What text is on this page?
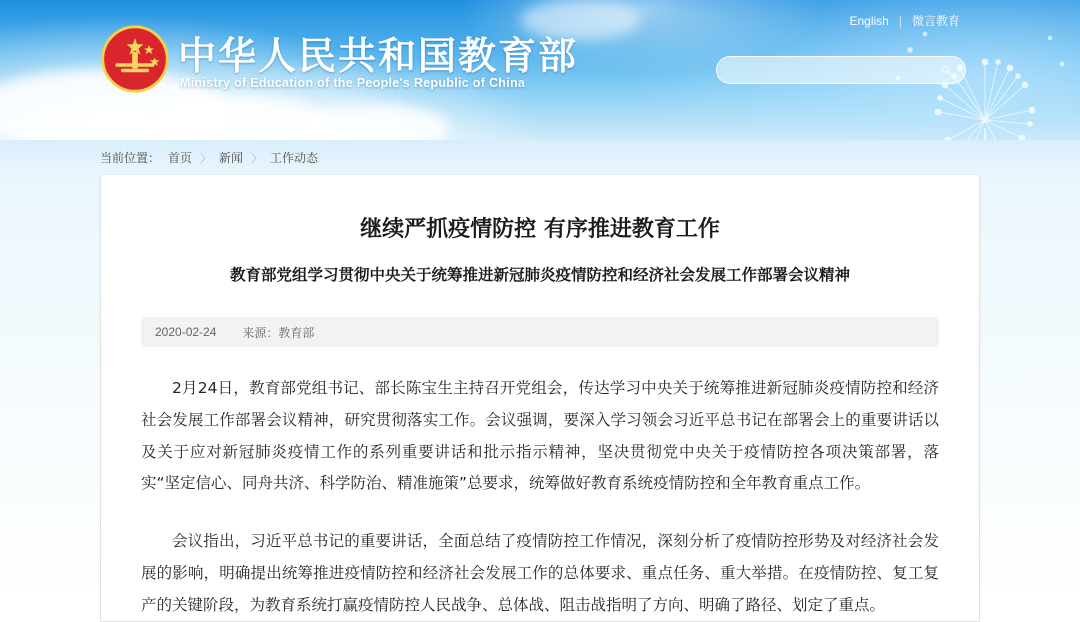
中华人民共和国教育部
Ministry of Education of the People's Republic of China
English | 微言教育
当前位置： 首页 〉 新闻 〉 工作动态
继续严抓疫情防控 有序推进教育工作
教育部党组学习贯彻中央关于统筹推进新冠肺炎疫情防控和经济社会发展工作部署会议精神
2020-02-24 来源：教育部

2月24日，教育部党组书记、部长陈宝生主持召开党组会，传达学习中央关于统筹推进新冠肺炎疫情防控和经济社会发展工作部署会议精神，研究贯彻落实工作。会议强调，要深入学习领会习近平总书记在部署会上的重要讲话以及关于应对新冠肺炎疫情工作的系列重要讲话和批示指示精神，坚决贯彻党中央关于疫情防控各项决策部署，落实“坚定信心、同舟共济、科学防治、精准施策”总要求，统筹做好教育系统疫情防控和全年教育重点工作。

会议指出，习近平总书记的重要讲话，全面总结了疫情防控工作情况，深刻分析了疫情防控形势及对经济社会发展的影响，明确提出统筹推进疫情防控和经济社会发展工作的总体要求、重点任务、重大举措。在疫情防控、复工复产的关键阶段，为教育系统打赢疫情防控人民战争、总体战、阻击战指明了方向、明确了路径、划定了重点。
